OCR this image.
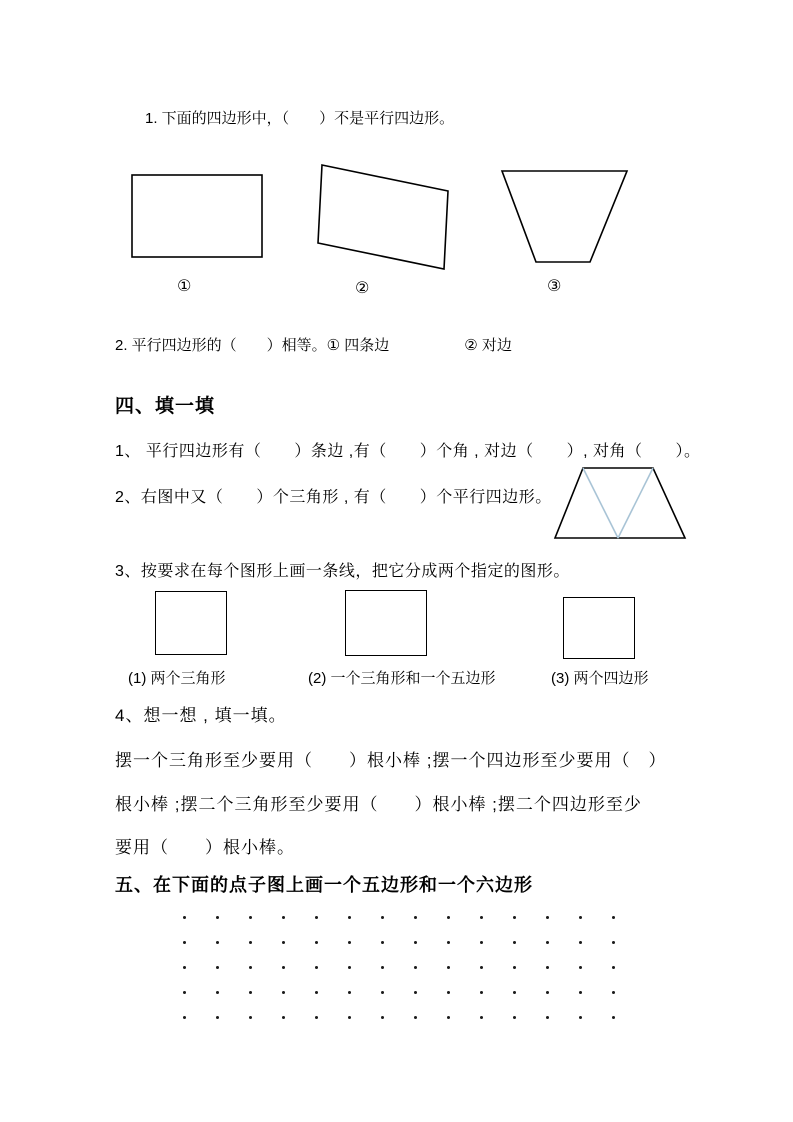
1. 下面的四边形中，（　　）不是平行四边形。
①	②	③
2. 平行四边形的（　　）相等。① 四条边　　　　　② 对边
四、填一填
1、 平行四边形有（　　）条边 ,有（　　）个角 , 对边（　　）, 对角（　　）。
2、右图中又（　　）个三角形 , 有（　　）个平行四边形。
3、按要求在每个图形上画一条线，把它分成两个指定的图形。
(1) 两个三角形	(2) 一个三角形和一个五边形	(3) 两个四边形
4、想一想 , 填一填。
摆一个三角形至少要用（　　）根小棒 ;摆一个四边形至少要用（　）
根小棒 ;摆二个三角形至少要用（　　）根小棒 ;摆二个四边形至少
要用（　　）根小棒。
五、在下面的点子图上画一个五边形和一个六边形
